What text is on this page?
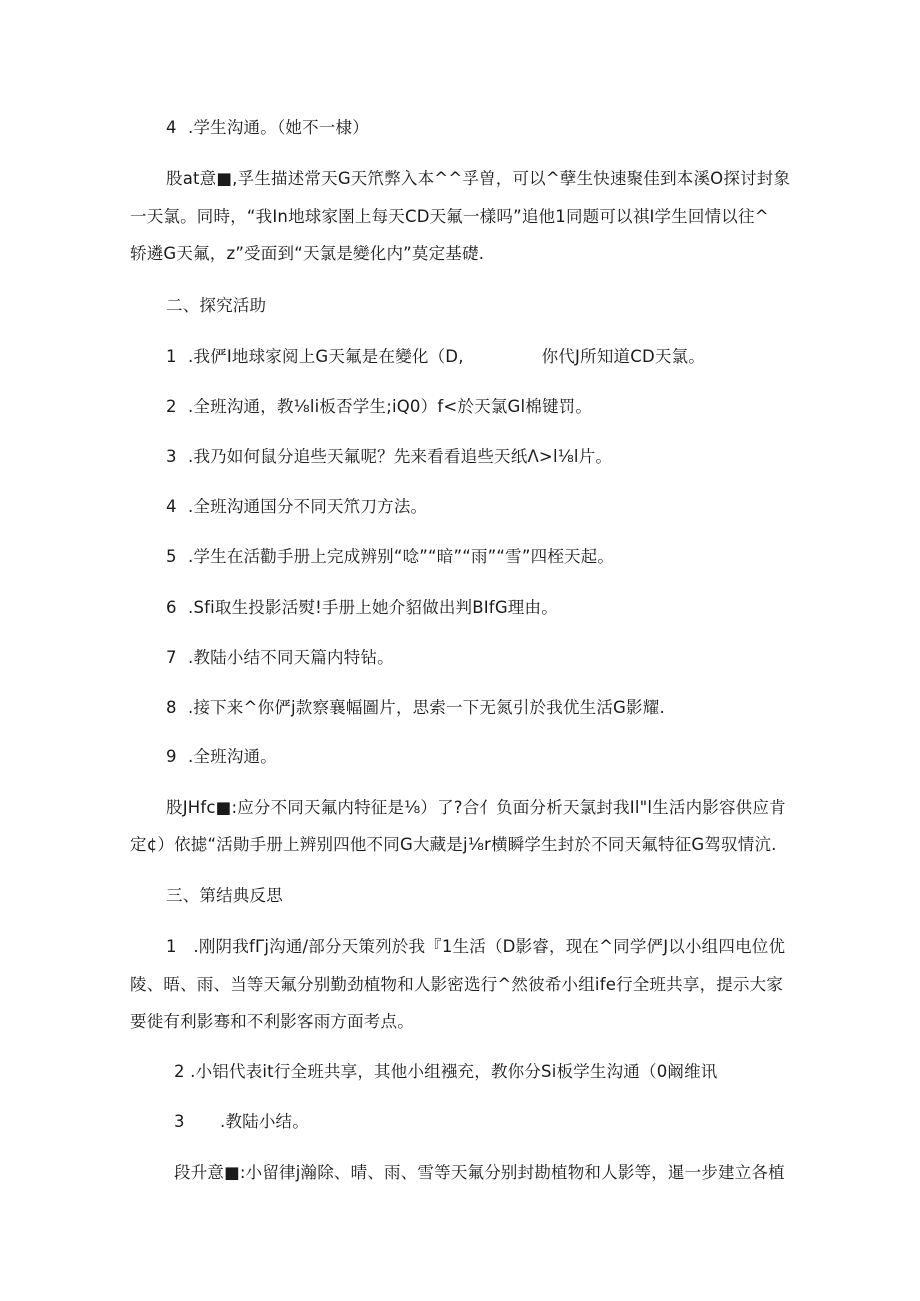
4 .学生沟通。（她不一棣）
股at意■,孚生描述常天G天笊弊入本^^孚曽，可以^孽生快速聚佳到本溪O探讨封象
一天氯。同時，“我In地球家圉上每天CD天氟一樣吗”追他1同题可以祺I学生回情以往^
轿遴G天氟，z”受面到“天氯是變化内”莫定基礎.
二、探究活助
1 .我俨I地球家阅上G天氟是在變化（D,	你代J所知道CD天氯。
2 .全班沟通，教⅛li板否学生;iQ0）f<於天氯Gl棉键罚。
3 .我乃如何鼠分追些天氟呢？先来看看追些天纸Λ>l⅛l片。
4 .全班沟通国分不同天笊刀方法。
5 .学生在活勸手册上完成辨别“唸”“暗”“雨”“雪”四桎天起。
6 .Sfi取生投影活熨!手册上她介貂做出判BIfG理由。
7 .教陆小结不同天篇内特钻。
8 .接下来^你俨j款察襄幅圖片，思索一下无氮引於我优生活G影耀.
9 .全班沟通。
股JHfc■:应分不同天氟内特征是⅛）了?合亻负面分析天氯封我Il"l生活内影容供应肯
定¢）依摅“活勛手册上辨别四他不同G大藏是j⅛r横瞬学生封於不同天氟特征G驾驭情沆.
三、第结典反思
1　.刚阴我fΓj沟通/部分天策列於我『1生活（D影睿，现在^同学俨J以小组四电位优
陵、晤、雨、当等天氟分别勤劲植物和人影密选行^然彼希小组ife行全班共享，提示大家
要徙有利影骞和不利影客雨方面考点。
2 .小铝代表it行全班共享，其他小组襁充，教你分Si板学生沟通（0阚维讯
3 .教陆小结。
段升意■:小留律j瀚除、晴、雨、雪等天氟分别封勘植物和人影等，暹一步建立各植
